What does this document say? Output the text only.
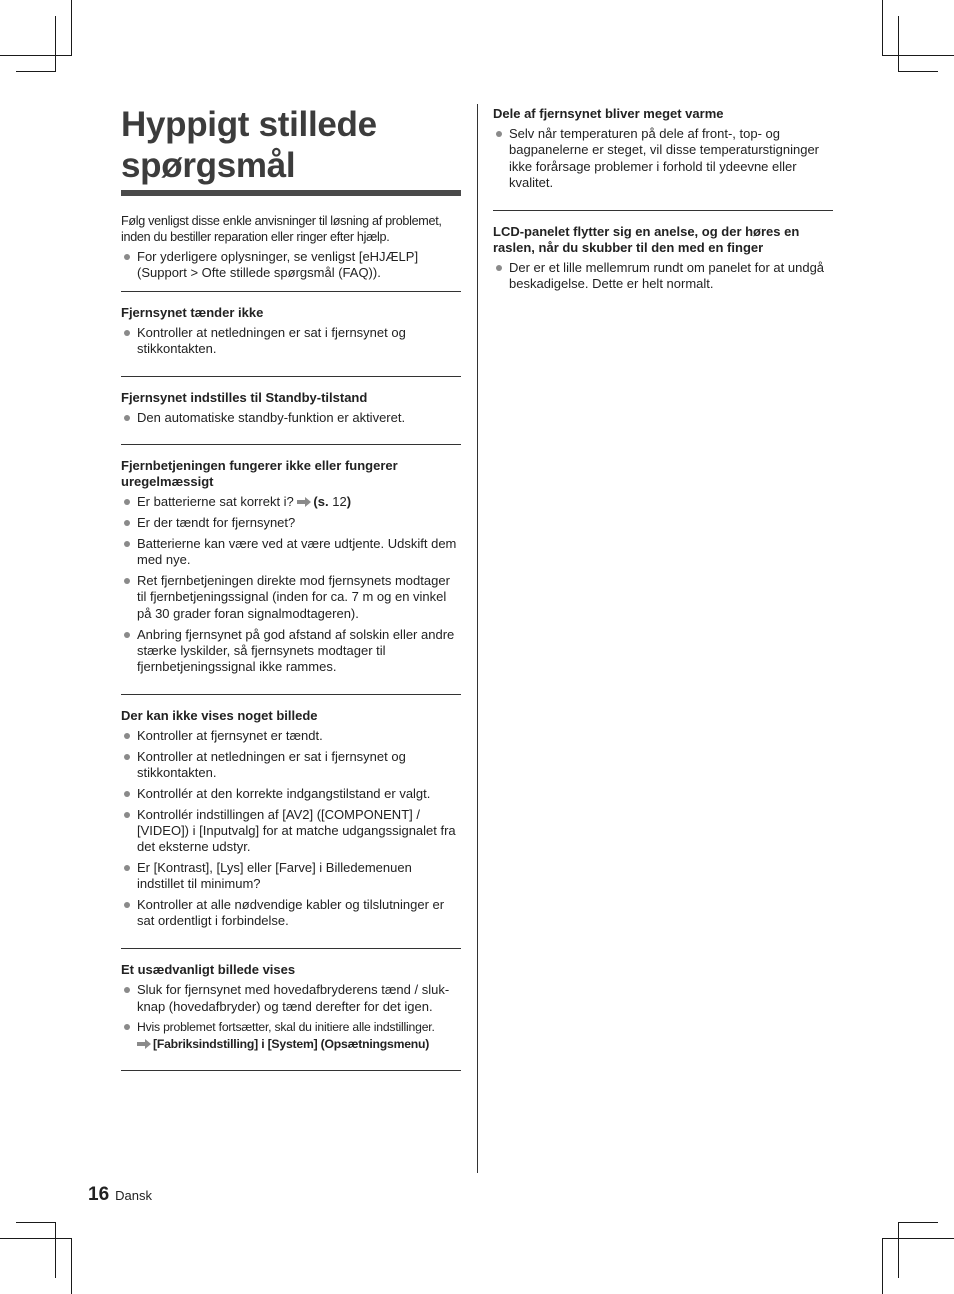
Hyppigt stillede
spørgsmål
Følg venligst disse enkle anvisninger til løsning af problemet, inden du bestiller reparation eller ringer efter hjælp.
For yderligere oplysninger, se venligst [eHJÆLP] (Support > Ofte stillede spørgsmål (FAQ)).
Fjernsynet tænder ikke
Kontroller at netledningen er sat i fjernsynet og stikkontakten.
Fjernsynet indstilles til Standby-tilstand
Den automatiske standby-funktion er aktiveret.
Fjernbetjeningen fungerer ikke eller fungerer uregelmæssigt
Er batterierne sat korrekt i? (s. 12)
Er der tændt for fjernsynet?
Batterierne kan være ved at være udtjente. Udskift dem med nye.
Ret fjernbetjeningen direkte mod fjernsynets modtager til fjernbetjeningssignal (inden for ca. 7 m og en vinkel på 30 grader foran signalmodtageren).
Anbring fjernsynet på god afstand af solskin eller andre stærke lyskilder, så fjernsynets modtager til fjernbetjeningssignal ikke rammes.
Der kan ikke vises noget billede
Kontroller at fjernsynet er tændt.
Kontroller at netledningen er sat i fjernsynet og stikkontakten.
Kontrollér at den korrekte indgangstilstand er valgt.
Kontrollér indstillingen af [AV2] ([COMPONENT] / [VIDEO]) i [Inputvalg] for at matche udgangssignalet fra det eksterne udstyr.
Er [Kontrast], [Lys] eller [Farve] i Billedemenuen indstillet til minimum?
Kontroller at alle nødvendige kabler og tilslutninger er sat ordentligt i forbindelse.
Et usædvanligt billede vises
Sluk for fjernsynet med hovedafbryderens tænd / sluk-knap (hovedafbryder) og tænd derefter for det igen.
Hvis problemet fortsætter, skal du initiere alle indstillinger.
[Fabriksindstilling] i [System] (Opsætningsmenu)
Dele af fjernsynet bliver meget varme
Selv når temperaturen på dele af front-, top- og bagpanelerne er steget, vil disse temperaturstigninger ikke forårsage problemer i forhold til ydeevne eller kvalitet.
LCD-panelet flytter sig en anelse, og der høres en raslen, når du skubber til den med en finger
Der er et lille mellemrum rundt om panelet for at undgå beskadigelse. Dette er helt normalt.
16 Dansk
